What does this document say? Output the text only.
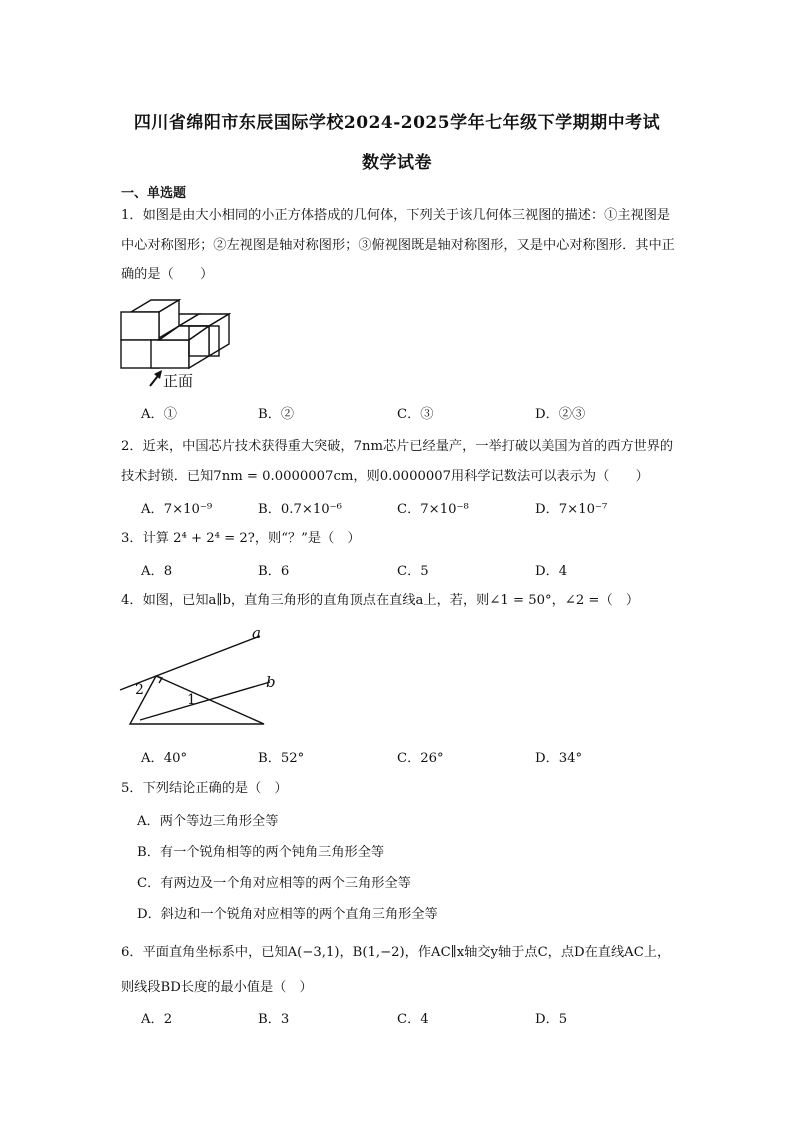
四川省绵阳市东辰国际学校2024-2025学年七年级下学期期中考试
数学试卷
一、单选题
1．如图是由大小相同的小正方体搭成的几何体，下列关于该几何体三视图的描述：①主视图是中心对称图形；②左视图是轴对称图形；③俯视图既是轴对称图形，又是中心对称图形．其中正确的是（　　）
正面
A．①	B．②	C．③	D．②③
2．近来，中国芯片技术获得重大突破，7nm芯片已经量产，一举打破以美国为首的西方世界的技术封锁．已知7nm = 0.0000007cm，则0.0000007用科学记数法可以表示为（　　）
A．7×10⁻⁹	B．0.7×10⁻⁶	C．7×10⁻⁸	D．7×10⁻⁷
3．计算 2⁴ + 2⁴ = 2?，则“？”是（　）
A．8	B．6	C．5	D．4
4．如图，已知a∥b，直角三角形的直角顶点在直线a上，若，则∠1 = 50°，∠2 =（　）
a
b
1
2
A．40°	B．52°	C．26°	D．34°
5．下列结论正确的是（　）
A．两个等边三角形全等
B．有一个锐角相等的两个钝角三角形全等
C．有两边及一个角对应相等的两个三角形全等
D．斜边和一个锐角对应相等的两个直角三角形全等
6．平面直角坐标系中，已知A(−3,1)，B(1,−2)，作AC∥x轴交y轴于点C，点D在直线AC上，则线段BD长度的最小值是（　）
A．2	B．3	C．4	D．5
